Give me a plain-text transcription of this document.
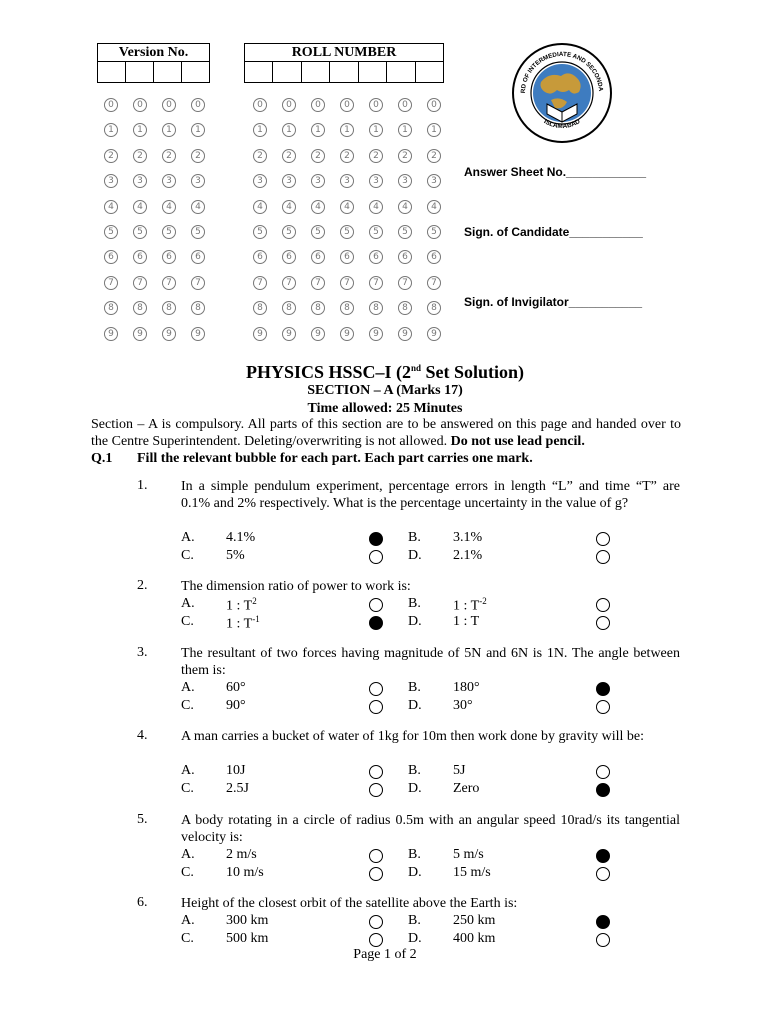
Version No.	ROLL NUMBER
0	0	0	0	0	0	0	0	0	0	0
1	1	1	1	1	1	1	1	1	1	1
2	2	2	2	2	2	2	2	2	2	2
3	3	3	3	3	3	3	3	3	3	3
4	4	4	4	4	4	4	4	4	4	4
5	5	5	5	5	5	5	5	5	5	5
6	6	6	6	6	6	6	6	6	6	6
7	7	7	7	7	7	7	7	7	7	7
8	8	8	8	8	8	8	8	8	8	8
9	9	9	9	9	9	9	9	9	9	9
RD OF INTERMEDIATE AND SECONDA
ISLAMABAD
Answer Sheet No.____________
Sign. of Candidate___________
Sign. of Invigilator___________
PHYSICS HSSC–I (2nd Set Solution)
SECTION – A (Marks 17)
Time allowed: 25 Minutes
Section – A is compulsory. All parts of this section are to be answered on this page and handed over to the Centre Superintendent. Deleting/overwriting is not allowed. Do not use lead pencil.
Q.1 Fill the relevant bubble for each part. Each part carries one mark.
1. In a simple pendulum experiment, percentage errors in length “L” and time “T” are 0.1% and 2% respectively. What is the percentage uncertainty in the value of g?
A. 4.1%	B. 3.1%
C. 5%	D. 2.1%
2. The dimension ratio of power to work is:
A. 1 : $T^2$	B. 1 : $T^{-2}$
C. 1 : $T^{-1}$	D. 1 : T
3. The resultant of two forces having magnitude of 5N and 6N is 1N. The angle between them is:
A. 60°	B. 180°
C. 90°	D. 30°
4. A man carries a bucket of water of 1kg for 10m then work done by gravity will be:
A. 10J	B. 5J
C. 2.5J	D. Zero
5. A body rotating in a circle of radius 0.5m with an angular speed 10rad/s its tangential velocity is:
A. 2 m/s	B. 5 m/s
C. 10 m/s	D. 15 m/s
6. Height of the closest orbit of the satellite above the Earth is:
A. 300 km	B. 250 km
C. 500 km	D. 400 km
Page 1 of 2
